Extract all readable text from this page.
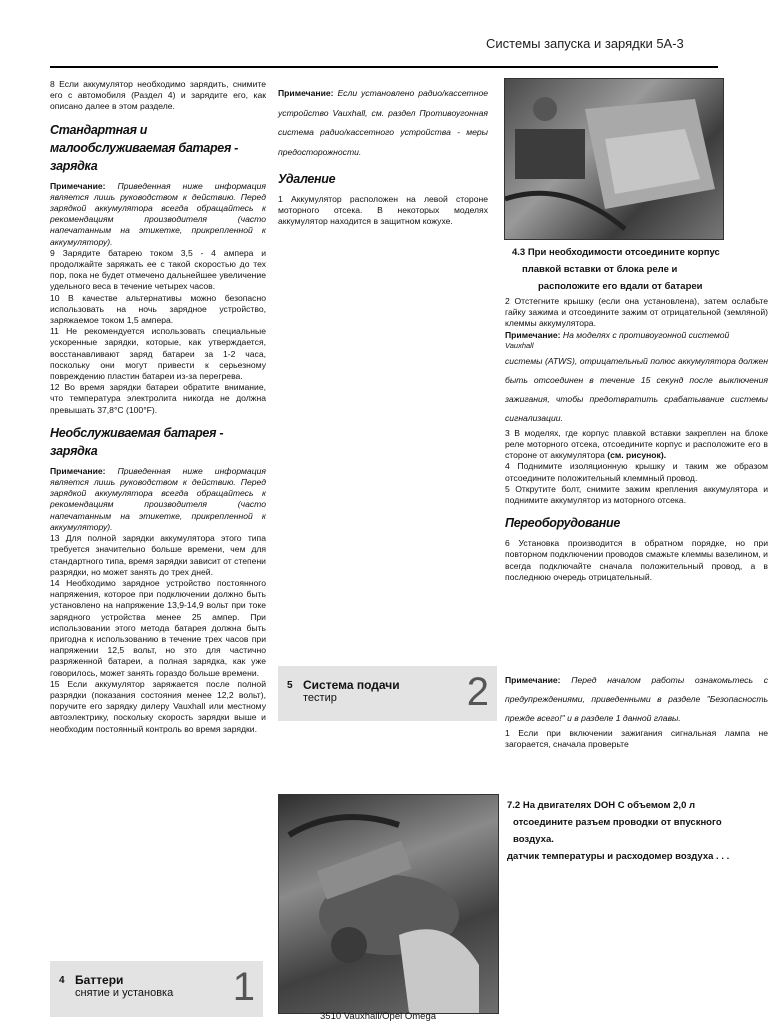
Системы запуска и зарядки 5A-3

8 Если аккумулятор необходимо зарядить, снимите его с автомобиля (Раздел 4) и зарядите его, как описано далее в этом разделе.

Стандартная и малообслуживаемая батарея - зарядка

Примечание: Приведенная ниже информация является лишь руководством к действию. Перед зарядкой аккумулятора всегда обращайтесь к рекомендациям производителя (часто напечатанным на этикетке, прикрепленной к аккумулятору).

9 Зарядите батарею током 3,5 - 4 ампера и продолжайте заряжать ее с такой скоростью до тех пор, пока не будет отмечено дальнейшее увеличение удельного веса в течение четырех часов.

10 В качестве альтернативы можно безопасно использовать на ночь зарядное устройство, заряжаемое током 1,5 ампера.

11 Не рекомендуется использовать специальные ускоренные зарядки, которые, как утверждается, восстанавливают заряд батареи за 1-2 часа, поскольку они могут привести к серьезному повреждению пластин батареи из-за перегрева.

12 Во время зарядки батареи обратите внимание, что температура электролита никогда не должна превышать 37,8°C (100°F).

Необслуживаемая батарея - зарядка

Примечание: Приведенная ниже информация является лишь руководством к действию. Перед зарядкой аккумулятора всегда обращайтесь к рекомендациям производителя (часто напечатанным на этикетке, прикрепленной к аккумулятору).

13 Для полной зарядки аккумулятора этого типа требуется значительно больше времени, чем для стандартного типа, время зарядки зависит от степени разрядки, но может занять до трех дней.

14 Необходимо зарядное устройство постоянного напряжения, которое при подключении должно быть установлено на напряжение 13,9-14,9 вольт при токе зарядного устройства менее 25 ампер. При использовании этого метода батарея должна быть пригодна к использованию в течение трех часов при напряжении 12,5 вольт, но это для частично разряженной батареи, а полная зарядка, как уже говорилось, может занять гораздо больше времени.

15 Если аккумулятор заряжается после полной разрядки (показания состояния менее 12,2 вольт), поручите его зарядку дилеру Vauxhall или местному автоэлектрику, поскольку скорость зарядки выше и необходим постоянный контроль во время зарядки.

4 Баттери
снятие и установка 1

Примечание: Если установлено радио/кассетное устройство Vauxhall, см. раздел Противоугонная система радио/кассетного устройства - меры предосторожности.

Удаление

1 Аккумулятор расположен на левой стороне моторного отсека. В некоторых моделях аккумулятор находится в защитном кожухе.

5 Система подачи
тестир	2
4.3 При необходимости отсоедините корпус
плавкой вставки от блока реле и
расположите его вдали от батареи

2 Отстегните крышку (если она установлена), затем ослабьте гайку зажима и отсоедините зажим от отрицательной (земляной) клеммы аккумулятора.

Примечание: На моделях с противоугонной системой

Vauxhall

системы (ATWS), отрицательный полюс аккумулятора должен быть отсоединен в течение 15 секунд после выключения зажигания, чтобы предотвратить срабатывание системы сигнализации.

3 В моделях, где корпус плавкой вставки закреплен на блоке реле моторного отсека, отсоедините корпус и расположите его в стороне от аккумулятора (см. рисунок).

4 Поднимите изоляционную крышку и таким же образом отсоедините положительный клеммный провод.

5 Открутите болт, снимите зажим крепления аккумулятора и поднимите аккумулятор из моторного отсека.

Переоборудование

6 Установка производится в обратном порядке, но при повторном подключении проводов смажьте клеммы вазелином, и всегда подключайте сначала положительный провод, а в последнюю очередь отрицательный.

Примечание: Перед началом работы ознакомьтесь с предупреждениями, приведенными в разделе "Безопасность прежде всего!" и в разделе 1 данной главы.

1 Если при включении зажигания сигнальная лампа не загорается, сначала проверьте

7.2 На двигателях DOH C объемом 2,0 л
отсоедините разъем проводки от впускного
воздуха.
датчик температуры и расходомер воздуха . . .
3510 Vauxhall/Opel Omega
